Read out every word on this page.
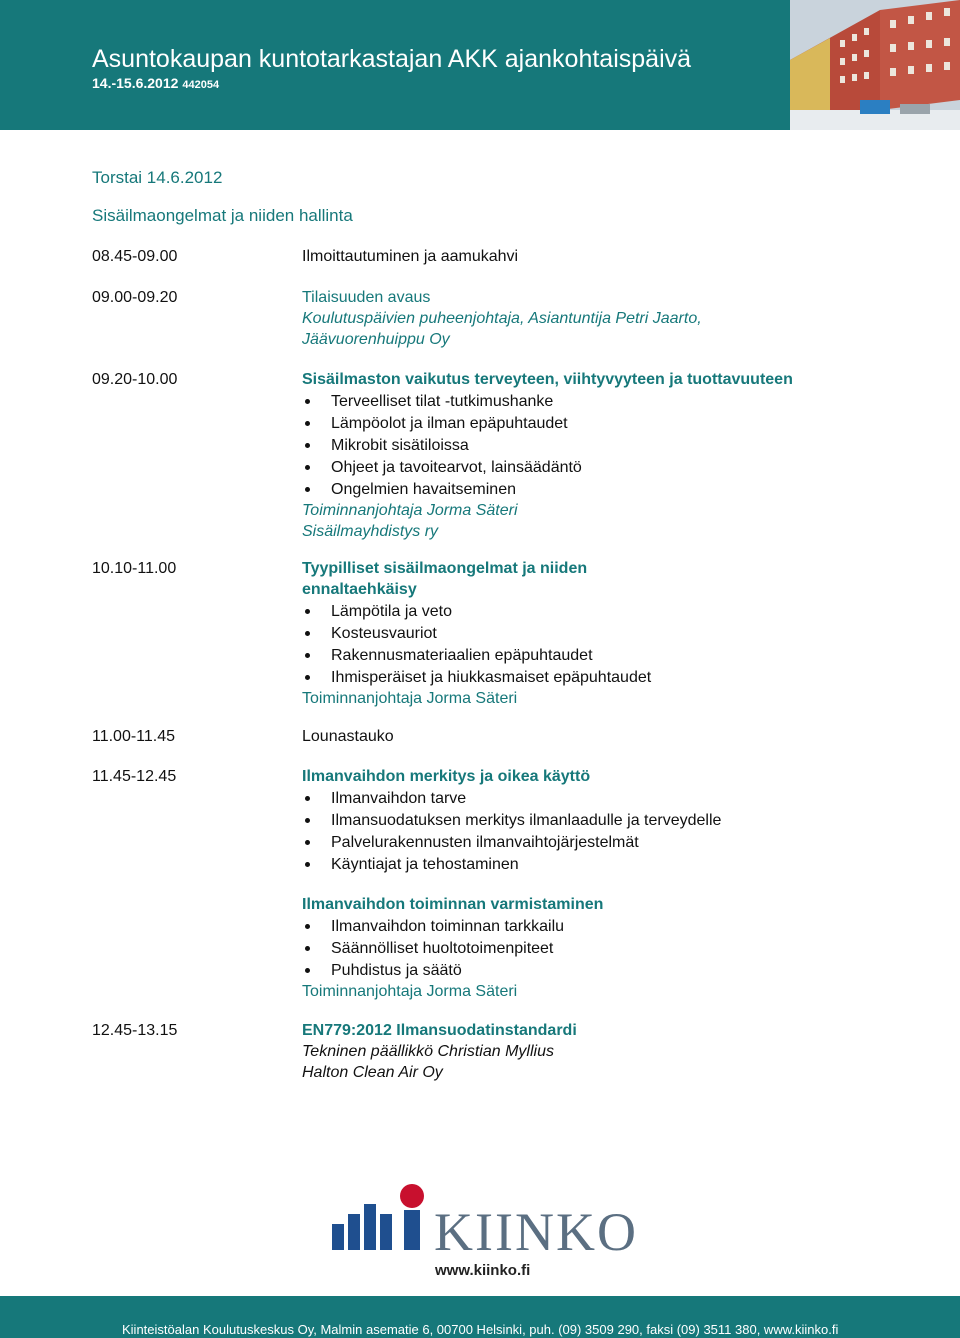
Asuntokaupan kuntotarkastajan AKK ajankohtaispäivä
14.-15.6.2012 442054
Torstai 14.6.2012
Sisäilmaongelmat ja niiden hallinta
08.45-09.00	Ilmoittautuminen ja aamukahvi
09.00-09.20	Tilaisuuden avaus
Koulutuspäivien puheenjohtaja, Asiantuntija Petri Jaarto,
Jäävuorenhuippu Oy
09.20-10.00	Sisäilmaston vaikutus terveyteen, viihtyvyyteen ja tuottavuuteen
Terveelliset tilat -tutkimushanke
Lämpöolot ja ilman epäpuhtaudet
Mikrobit sisätiloissa
Ohjeet ja tavoitearvot, lainsäädäntö
Ongelmien havaitseminen
Toiminnanjohtaja Jorma Säteri
Sisäilmayhdistys ry
10.10-11.00	Tyypilliset sisäilmaongelmat ja niiden
ennaltaehkäisy
Lämpötila ja veto
Kosteusvauriot
Rakennusmateriaalien epäpuhtaudet
Ihmisperäiset ja hiukkasmaiset epäpuhtaudet
Toiminnanjohtaja Jorma Säteri
11.00-11.45	Lounastauko
11.45-12.45	Ilmanvaihdon merkitys ja oikea käyttö
Ilmanvaihdon tarve
Ilmansuodatuksen merkitys ilmanlaadulle ja terveydelle
Palvelurakennusten ilmanvaihtojärjestelmät
Käyntiajat ja tehostaminen
Ilmanvaihdon toiminnan varmistaminen
Ilmanvaihdon toiminnan tarkkailu
Säännölliset huoltotoimenpiteet
Puhdistus ja säätö
Toiminnanjohtaja Jorma Säteri
12.45-13.15	EN779:2012 Ilmansuodatinstandardi
Tekninen päällikkö Christian Myllius
Halton Clean Air Oy
KIINKO
www.kiinko.fi
Kiinteistöalan Koulutuskeskus Oy, Malmin asematie 6, 00700 Helsinki, puh. (09) 3509 290, faksi (09) 3511 380, www.kiinko.fi
